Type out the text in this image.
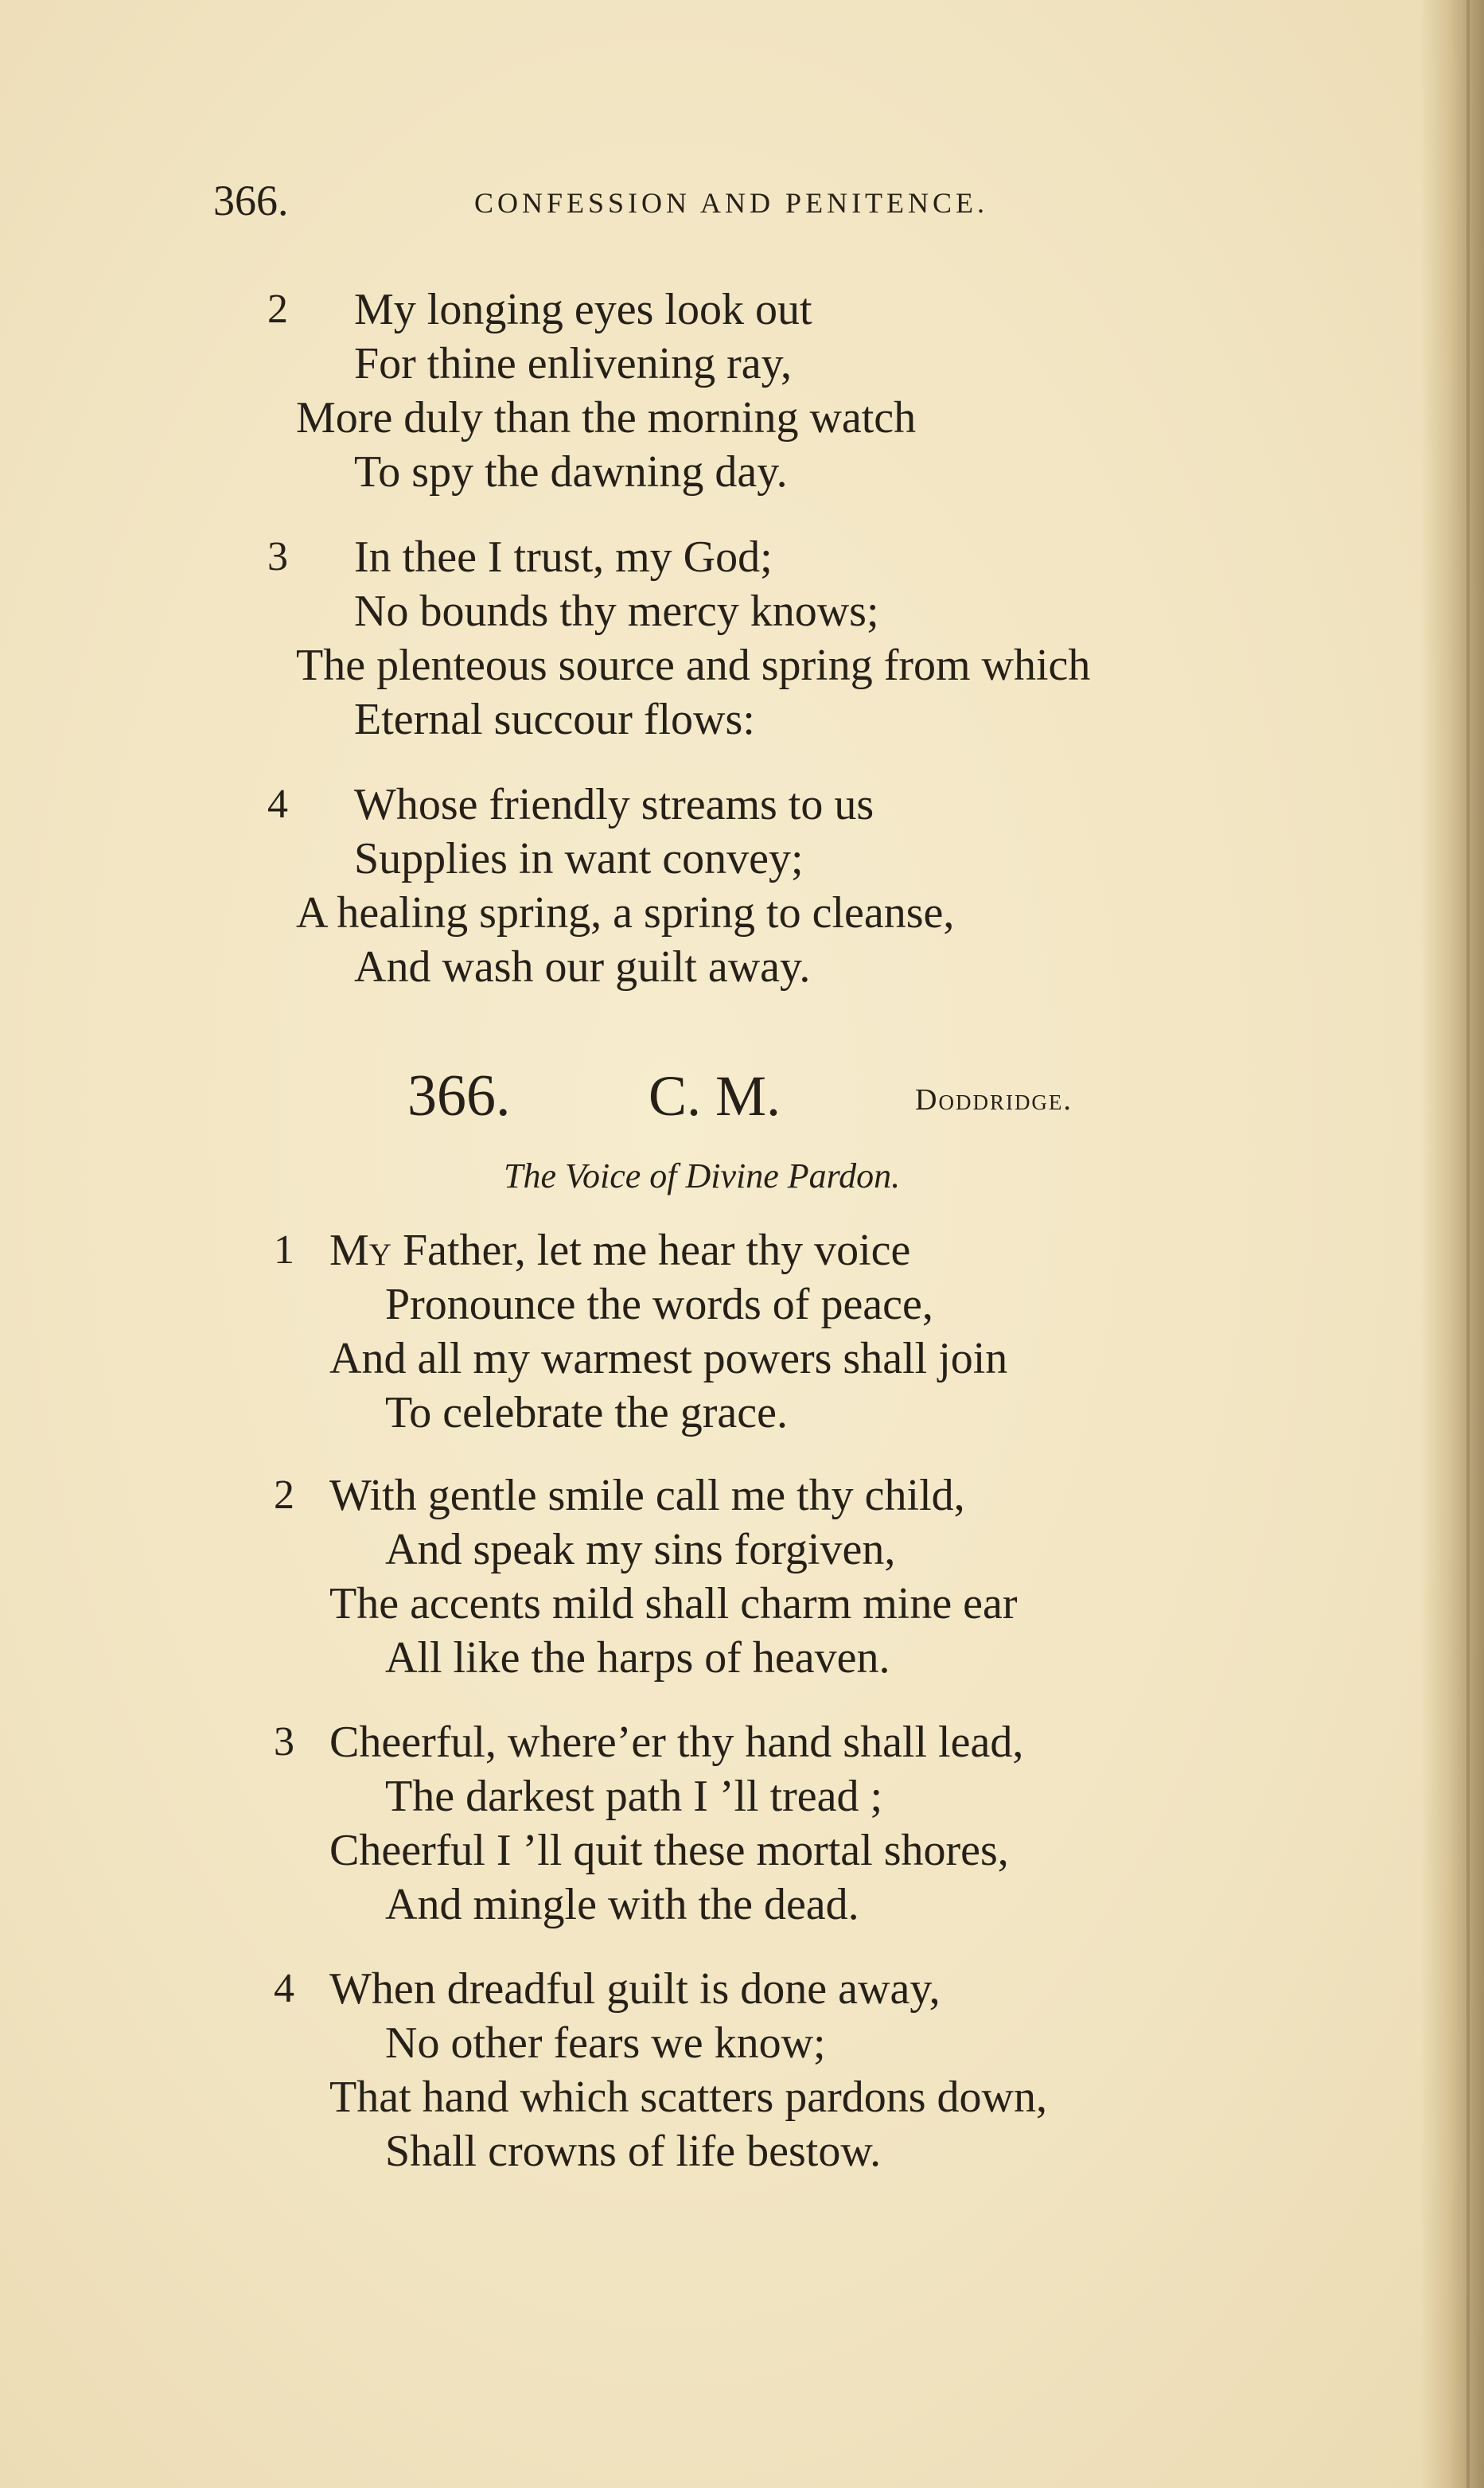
366.	CONFESSION AND PENITENCE.
2 My longing eyes look out
For thine enlivening ray,
More duly than the morning watch
To spy the dawning day.
3 In thee I trust, my God;
No bounds thy mercy knows;
The plenteous source and spring from which
Eternal succour flows:
4 Whose friendly streams to us
Supplies in want convey;
A healing spring, a spring to cleanse,
And wash our guilt away.
366. C. M.	Doddridge.
The Voice of Divine Pardon.
1 My Father, let me hear thy voice
Pronounce the words of peace,
And all my warmest powers shall join
To celebrate the grace.
2 With gentle smile call me thy child,
And speak my sins forgiven,
The accents mild shall charm mine ear
All like the harps of heaven.
3 Cheerful, where’er thy hand shall lead,
The darkest path I ’ll tread ;
Cheerful I ’ll quit these mortal shores,
And mingle with the dead.
4 When dreadful guilt is done away,
No other fears we know;
That hand which scatters pardons down,
Shall crowns of life bestow.
